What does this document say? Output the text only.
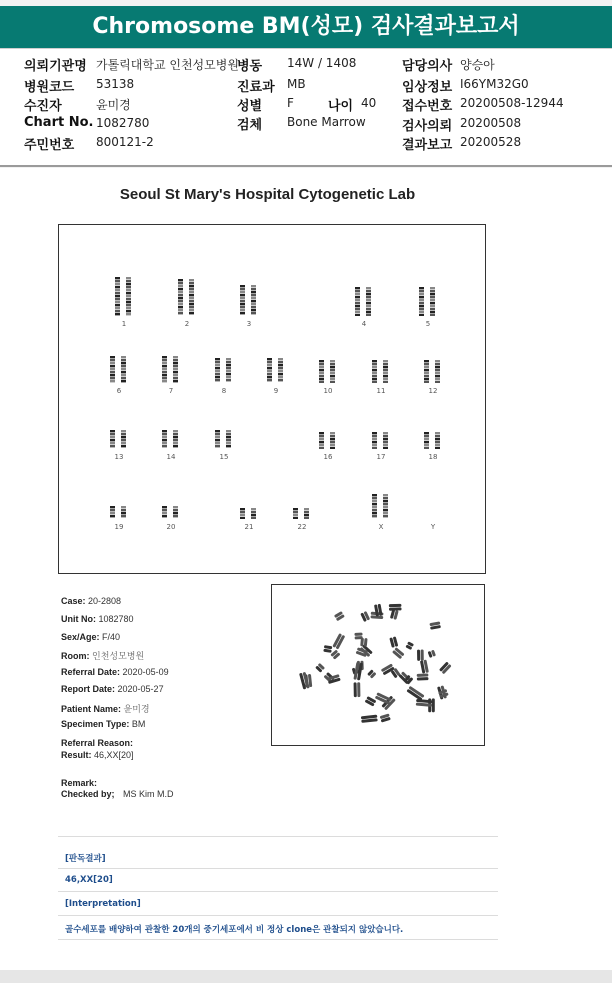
Chromosome BM(성모) 검사결과보고서
의뢰기관명 가톨릭대학교 인천성모병원
병동 14W / 1408	담당의사 양승아
병원코드 53138	진료과 MB	임상정보 I66YM32G0
수진자	윤미경	성별 F	나이 40 접수번호 20200508-12944
Chart No. 1082780	검체 Bone Marrow	검사의뢰 20200508
주민번호 800121-2	결과보고 20200528
Seoul St Mary's Hospital Cytogenetic Lab
1	2	3	4	5
6	7	8	9	10	11	12
13	14	15	16	17	18
19	20	21	22	X	Y
Case: 20-2808
Unit No: 1082780
Sex/Age: F/40
Room: 인천성모병원
Referral Date: 2020-05-09
Report Date: 2020-05-27
Patient Name: 윤미경
Specimen Type: BM
Referral Reason:
Result: 46,XX[20]
Remark:
Checked by; MS Kim M.D
[판독결과]
46,XX[20]
[Interpretation]
골수세포를 배양하여 관찰한 20개의 중기세포에서 비 정상 clone은 관찰되지 않았습니다.
